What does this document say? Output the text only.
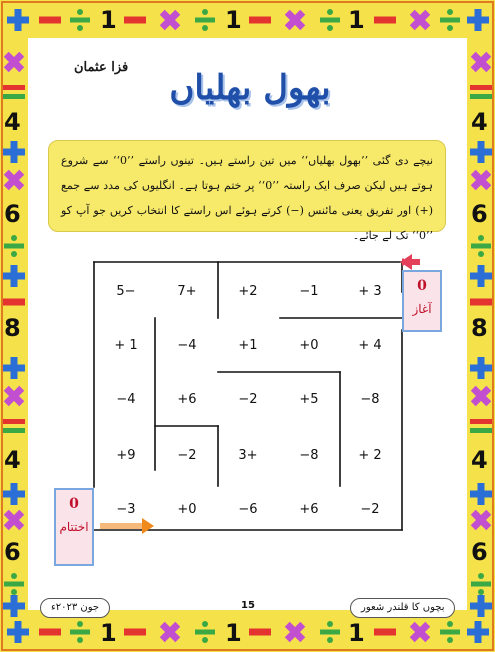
1	1	1
1	1	1
4
6
8
4
6
4
6
8
4
6
فزا عثمان
بھول بھلیاں
نیچے دی گئی ’’بھول بھلیاں‘‘ میں تین راستے ہیں۔ تینوں راستے ’’0‘‘ سے شروع ہوتے ہیں لیکن صرف ایک راستہ ’’0‘‘ پر ختم ہوتا ہے۔ انگلیوں کی مدد سے جمع (+) اور تفریق یعنی مائنس (−) کرتے ہوئے اس راستے کا انتخاب کریں جو آپ کو ’’0‘‘ تک لے جائے۔
0
آغاز
0
اختتام
5−	7+	+2	−1	+ 3
+ 1	−4	+1	+0	+ 4
−4	+6	−2	+5	−8
+9	−2	3+	−8	+ 2
−3	+0	−6	+6	−2
جون ۲۰۲۳ء	15	بچوں کا قلندر شعور
